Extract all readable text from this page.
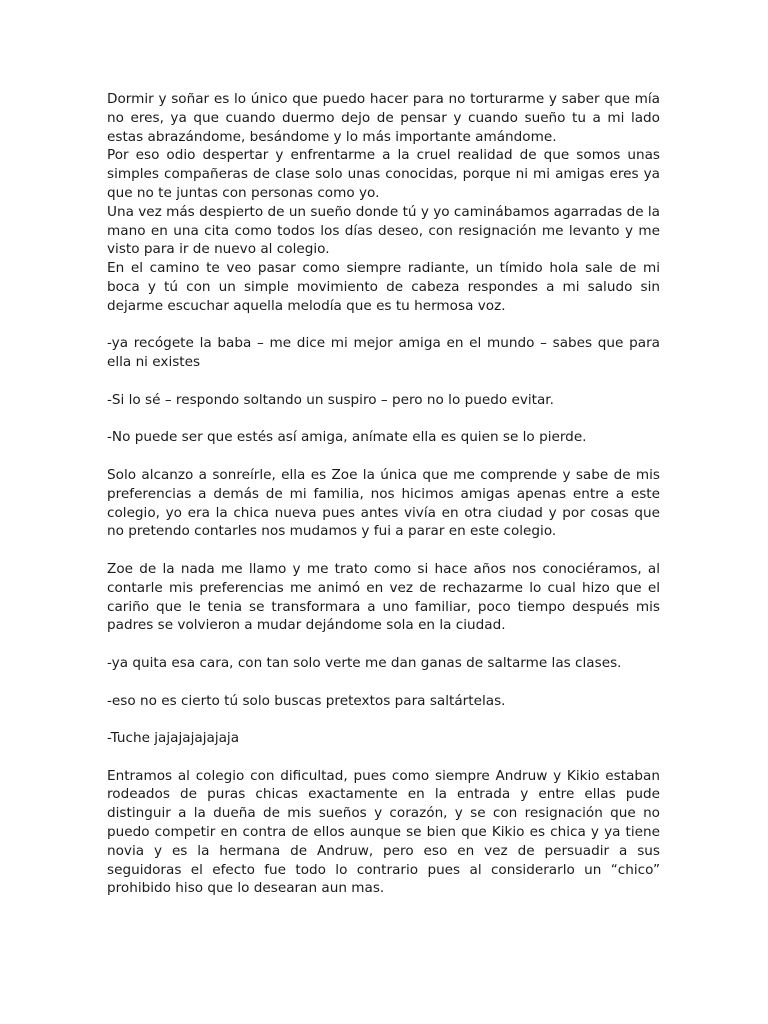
Dormir y soñar es lo único que puedo hacer para no torturarme y saber que mía no eres, ya que cuando duermo dejo de pensar y cuando sueño tu a mi lado estas abrazándome, besándome y lo más importante amándome.

Por eso odio despertar y enfrentarme a la cruel realidad de que somos unas simples compañeras de clase solo unas conocidas, porque ni mi amigas eres ya que no te juntas con personas como yo.

Una vez más despierto de un sueño donde tú y yo caminábamos agarradas de la mano en una cita como todos los días deseo, con resignación me levanto y me visto para ir de nuevo al colegio.

En el camino te veo pasar como siempre radiante, un tímido hola sale de mi boca y tú con un simple movimiento de cabeza respondes a mi saludo sin dejarme escuchar aquella melodía que es tu hermosa voz.

-ya recógete la baba – me dice mi mejor amiga en el mundo – sabes que para ella ni existes

-Si lo sé – respondo soltando un suspiro – pero no lo puedo evitar.

-No puede ser que estés así amiga, anímate ella es quien se lo pierde.

Solo alcanzo a sonreírle, ella es Zoe la única que me comprende y sabe de mis preferencias a demás de mi familia, nos hicimos amigas apenas entre a este colegio, yo era la chica nueva pues antes vivía en otra ciudad y por cosas que no pretendo contarles nos mudamos y fui a parar en este colegio.

Zoe de la nada me llamo y me trato como si hace años nos conociéramos, al contarle mis preferencias me animó en vez de rechazarme lo cual hizo que el cariño que le tenia se transformara a uno familiar, poco tiempo después mis padres se volvieron a mudar dejándome sola en la ciudad.

-ya quita esa cara, con tan solo verte me dan ganas de saltarme las clases.

-eso no es cierto tú solo buscas pretextos para saltártelas.

-Tuche jajajajajajaja

Entramos al colegio con dificultad, pues como siempre Andruw y Kikio estaban rodeados de puras chicas exactamente en la entrada y entre ellas pude distinguir a la dueña de mis sueños y corazón, y se con resignación que no puedo competir en contra de ellos aunque se bien que Kikio es chica y ya tiene novia y es la hermana de Andruw, pero eso en vez de persuadir a sus seguidoras el efecto fue todo lo contrario pues al considerarlo un “chico” prohibido hiso que lo desearan aun mas.
